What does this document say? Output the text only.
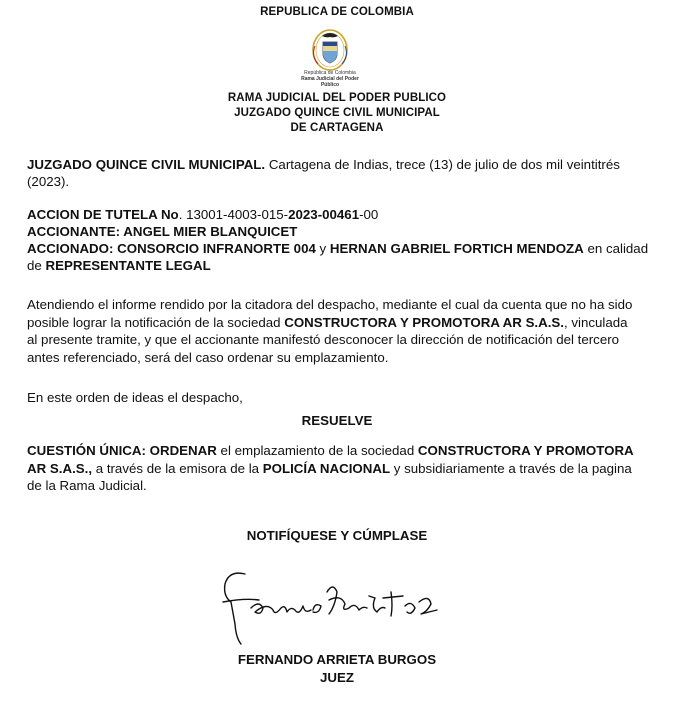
REPUBLICA DE COLOMBIA
República de Colombia
Rama Judicial del Poder Público
RAMA JUDICIAL DEL PODER PUBLICO
JUZGADO QUINCE CIVIL MUNICIPAL
DE CARTAGENA
JUZGADO QUINCE CIVIL MUNICIPAL. Cartagena de Indias, trece (13) de julio de dos mil veintitrés
(2023).
ACCION DE TUTELA No. 13001-4003-015-2023-00461-00
ACCIONANTE: ANGEL MIER BLANQUICET
ACCIONADO: CONSORCIO INFRANORTE 004 y HERNAN GABRIEL FORTICH MENDOZA en calidad
de REPRESENTANTE LEGAL
Atendiendo el informe rendido por la citadora del despacho, mediante el cual da cuenta que no ha sido posible lograr la notificación de la sociedad CONSTRUCTORA Y PROMOTORA AR S.A.S., vinculada al presente tramite, y que el accionante manifestó desconocer la dirección de notificación del tercero antes referenciado, será del caso ordenar su emplazamiento.
En este orden de ideas el despacho,
RESUELVE
CUESTIÓN ÚNICA: ORDENAR el emplazamiento de la sociedad CONSTRUCTORA Y PROMOTORA AR S.A.S., a través de la emisora de la POLICÍA NACIONAL y subsidiariamente a través de la pagina de la Rama Judicial.
NOTIFÍQUESE Y CÚMPLASE
FERNANDO ARRIETA BURGOS
JUEZ
